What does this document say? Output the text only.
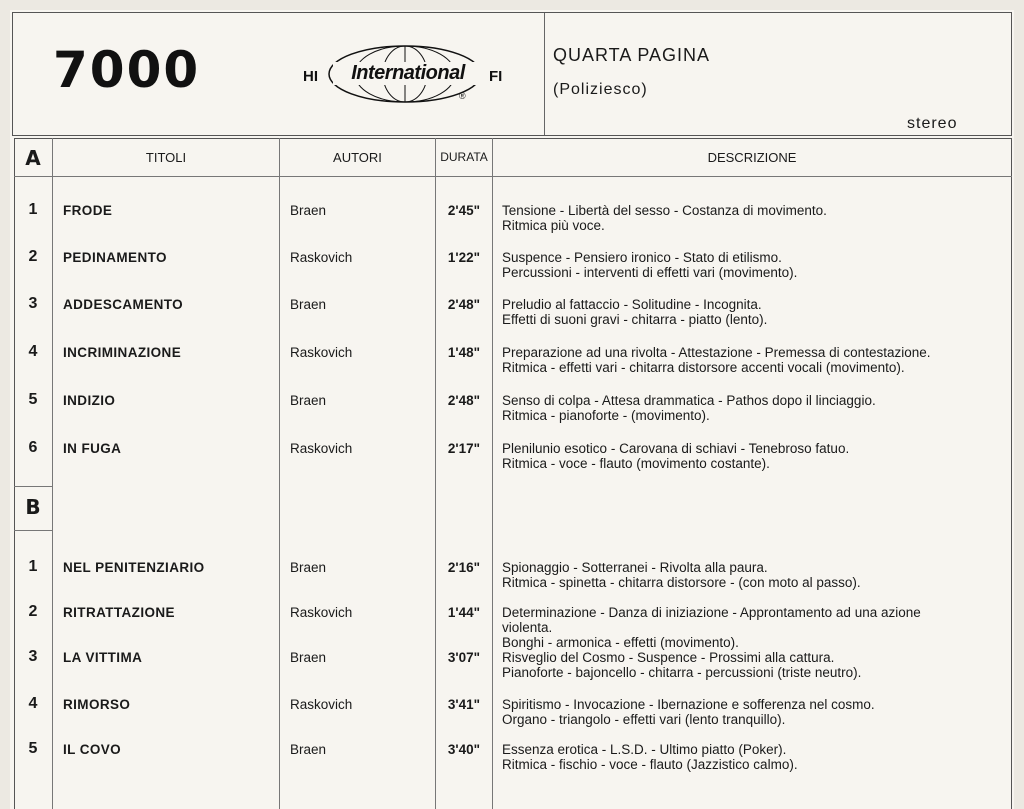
7000	HI	International	FI
®
QUARTA PAGINA
(Poliziesco)
stereo
A	TITOLI	AUTORI	DURATA	DESCRIZIONE
1	FRODE	Braen	2'45"	Tensione - Libertà del sesso - Costanza di movimento.
Ritmica più voce.
2	PEDINAMENTO	Raskovich	1'22"	Suspence - Pensiero ironico - Stato di etilismo.
Percussioni - interventi di effetti vari (movimento).
3	ADDESCAMENTO	Braen	2'48"	Preludio al fattaccio - Solitudine - Incognita.
Effetti di suoni gravi - chitarra - piatto (lento).
4	INCRIMINAZIONE	Raskovich	1'48"	Preparazione ad una rivolta - Attestazione - Premessa di contestazione.
Ritmica - effetti vari - chitarra distorsore accenti vocali (movimento).
5	INDIZIO	Braen	2'48"	Senso di colpa - Attesa drammatica - Pathos dopo il linciaggio.
Ritmica - pianoforte - (movimento).
6	IN FUGA	Raskovich	2'17"	Plenilunio esotico - Carovana di schiavi - Tenebroso fatuo.
Ritmica - voce - flauto (movimento costante).
B
1	NEL PENITENZIARIO	Braen	2'16"	Spionaggio - Sotterranei - Rivolta alla paura.
Ritmica - spinetta - chitarra distorsore - (con moto al passo).
2	RITRATTAZIONE	Raskovich	1'44"	Determinazione - Danza di iniziazione - Approntamento ad una azione
violenta.
Bonghi - armonica - effetti (movimento).
3	LA VITTIMA	Braen	3'07"	Risveglio del Cosmo - Suspence - Prossimi alla cattura.
Pianoforte - bajoncello - chitarra - percussioni (triste neutro).
4	RIMORSO	Raskovich	3'41"	Spiritismo - Invocazione - Ibernazione e sofferenza nel cosmo.
Organo - triangolo - effetti vari (lento tranquillo).
5	IL COVO	Braen	3'40"	Essenza erotica - L.S.D. - Ultimo piatto (Poker).
Ritmica - fischio - voce - flauto (Jazzistico calmo).
